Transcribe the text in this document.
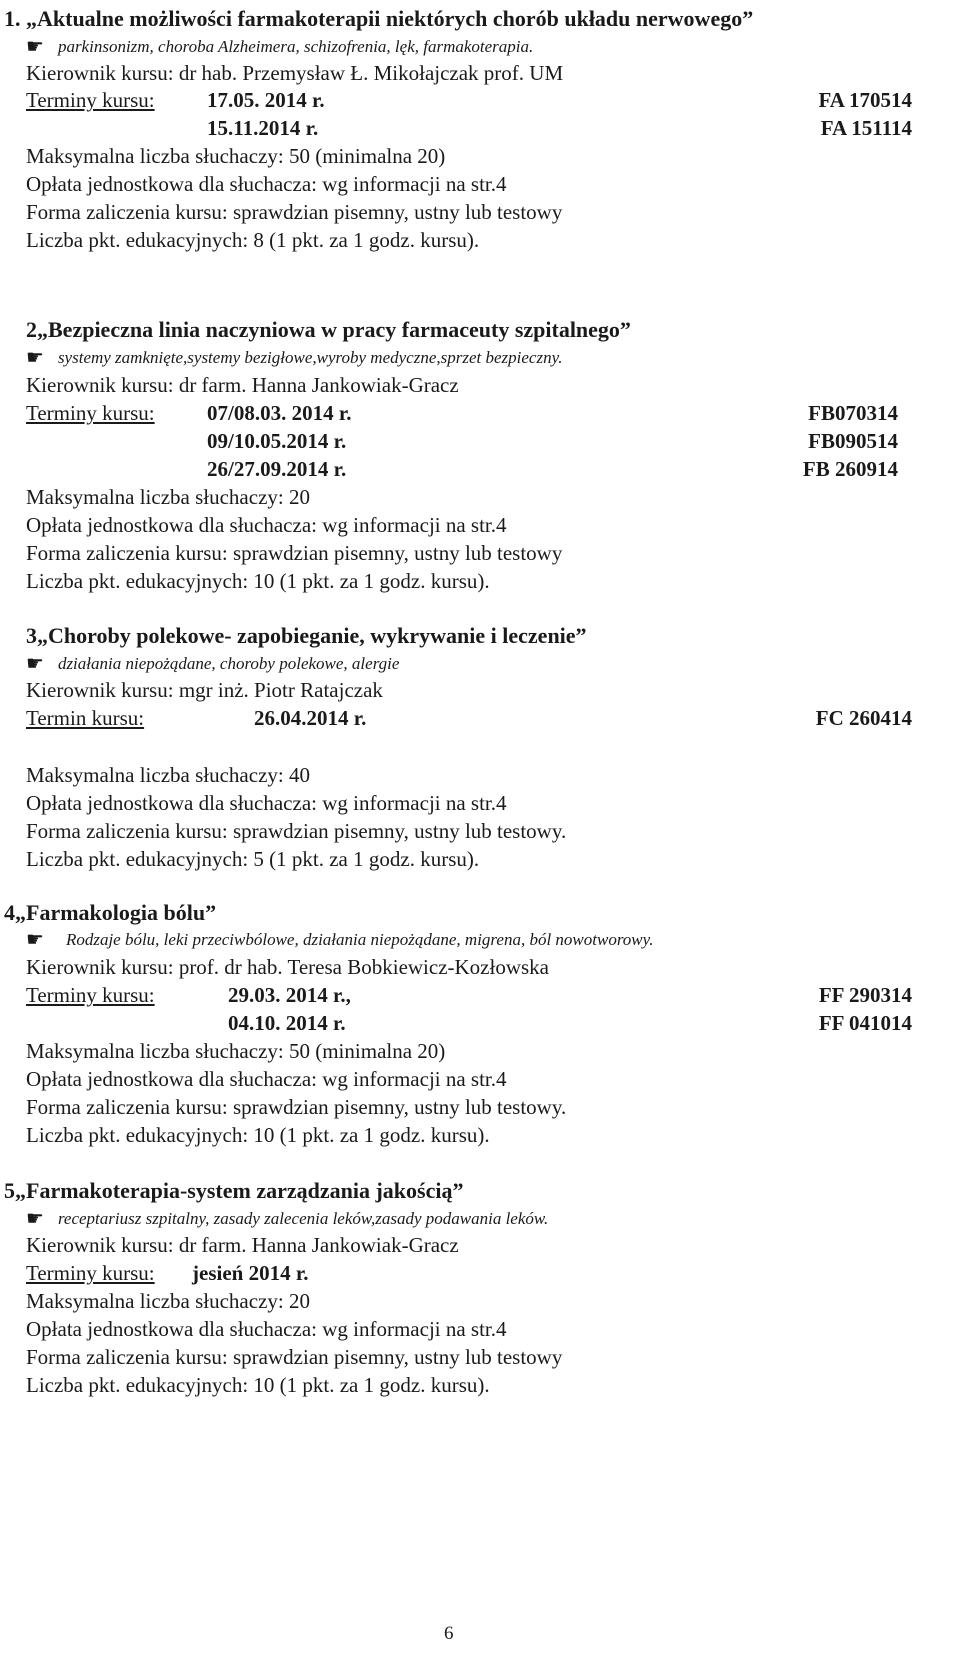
1. „Aktualne możliwości farmakoterapii niektórych chorób układu nerwowego”
☛ parkinsonizm, choroba Alzheimera, schizofrenia, lęk, farmakoterapia.
Kierownik kursu: dr hab. Przemysław Ł. Mikołajczak prof. UM
Terminy kursu: 17.05. 2014 r.	FA 170514
15.11.2014 r.	FA 151114
Maksymalna liczba słuchaczy: 50 (minimalna 20)
Opłata jednostkowa dla słuchacza: wg informacji na str.4
Forma zaliczenia kursu: sprawdzian pisemny, ustny lub testowy
Liczba pkt. edukacyjnych: 8 (1 pkt. za 1 godz. kursu).
2„Bezpieczna linia naczyniowa w pracy farmaceuty szpitalnego”
☛ systemy zamknięte,systemy bezigłowe,wyroby medyczne,sprzet bezpieczny.
Kierownik kursu: dr farm. Hanna Jankowiak-Gracz
Terminy kursu: 07/08.03. 2014 r.	FB070314
09/10.05.2014 r.	FB090514
26/27.09.2014 r.	FB 260914
Maksymalna liczba słuchaczy: 20
Opłata jednostkowa dla słuchacza: wg informacji na str.4
Forma zaliczenia kursu: sprawdzian pisemny, ustny lub testowy
Liczba pkt. edukacyjnych: 10 (1 pkt. za 1 godz. kursu).
3„Choroby polekowe- zapobieganie, wykrywanie i leczenie”
☛ działania niepożądane, choroby polekowe, alergie
Kierownik kursu: mgr inż. Piotr Ratajczak
Termin kursu:	26.04.2014 r.	FC 260414
Maksymalna liczba słuchaczy: 40
Opłata jednostkowa dla słuchacza: wg informacji na str.4
Forma zaliczenia kursu: sprawdzian pisemny, ustny lub testowy.
Liczba pkt. edukacyjnych: 5 (1 pkt. za 1 godz. kursu).
4„Farmakologia bólu”
☛ Rodzaje bólu, leki przeciwbólowe, działania niepożądane, migrena, ból nowotworowy.
Kierownik kursu: prof. dr hab. Teresa Bobkiewicz-Kozłowska
Terminy kursu:	29.03. 2014 r.,	FF 290314
04.10. 2014 r.	FF 041014
Maksymalna liczba słuchaczy: 50 (minimalna 20)
Opłata jednostkowa dla słuchacza: wg informacji na str.4
Forma zaliczenia kursu: sprawdzian pisemny, ustny lub testowy.
Liczba pkt. edukacyjnych: 10 (1 pkt. za 1 godz. kursu).
5„Farmakoterapia-system zarządzania jakością”
☛ receptariusz szpitalny, zasady zalecenia leków,zasady podawania leków.
Kierownik kursu: dr farm. Hanna Jankowiak-Gracz
Terminy kursu: jesień 2014 r.
Maksymalna liczba słuchaczy: 20
Opłata jednostkowa dla słuchacza: wg informacji na str.4
Forma zaliczenia kursu: sprawdzian pisemny, ustny lub testowy
Liczba pkt. edukacyjnych: 10 (1 pkt. za 1 godz. kursu).
6
